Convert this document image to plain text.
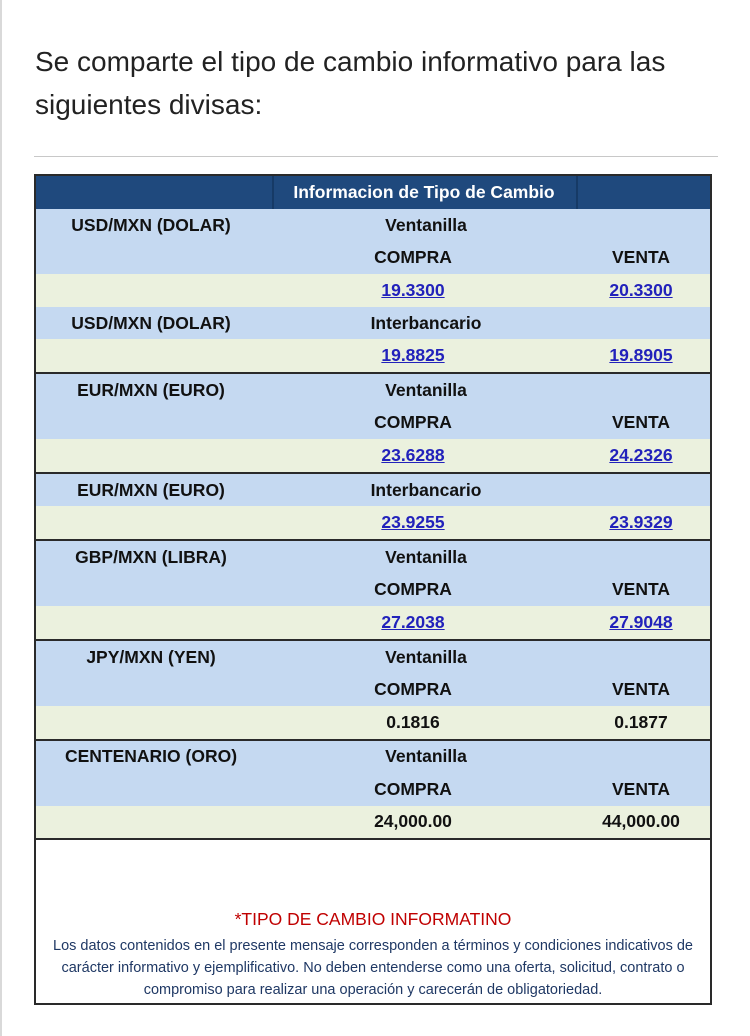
Se comparte el tipo de cambio informativo para las siguientes divisas:
Informacion de Tipo de Cambio
USD/MXN (DOLAR)	Ventanilla
COMPRA	VENTA
19.3300	20.3300
USD/MXN (DOLAR)	Interbancario
19.8825	19.8905
EUR/MXN (EURO)	Ventanilla
COMPRA	VENTA
23.6288	24.2326
EUR/MXN (EURO)	Interbancario
23.9255	23.9329
GBP/MXN (LIBRA)	Ventanilla
COMPRA	VENTA
27.2038	27.9048
JPY/MXN (YEN)	Ventanilla
COMPRA	VENTA
0.1816	0.1877
CENTENARIO (ORO)	Ventanilla
COMPRA	VENTA
24,000.00	44,000.00
*TIPO DE CAMBIO INFORMATINO
Los datos contenidos en el presente mensaje corresponden a términos y condiciones indicativos de carácter informativo y ejemplificativo. No deben entenderse como una oferta, solicitud, contrato o compromiso para realizar una operación y carecerán de obligatoriedad.
